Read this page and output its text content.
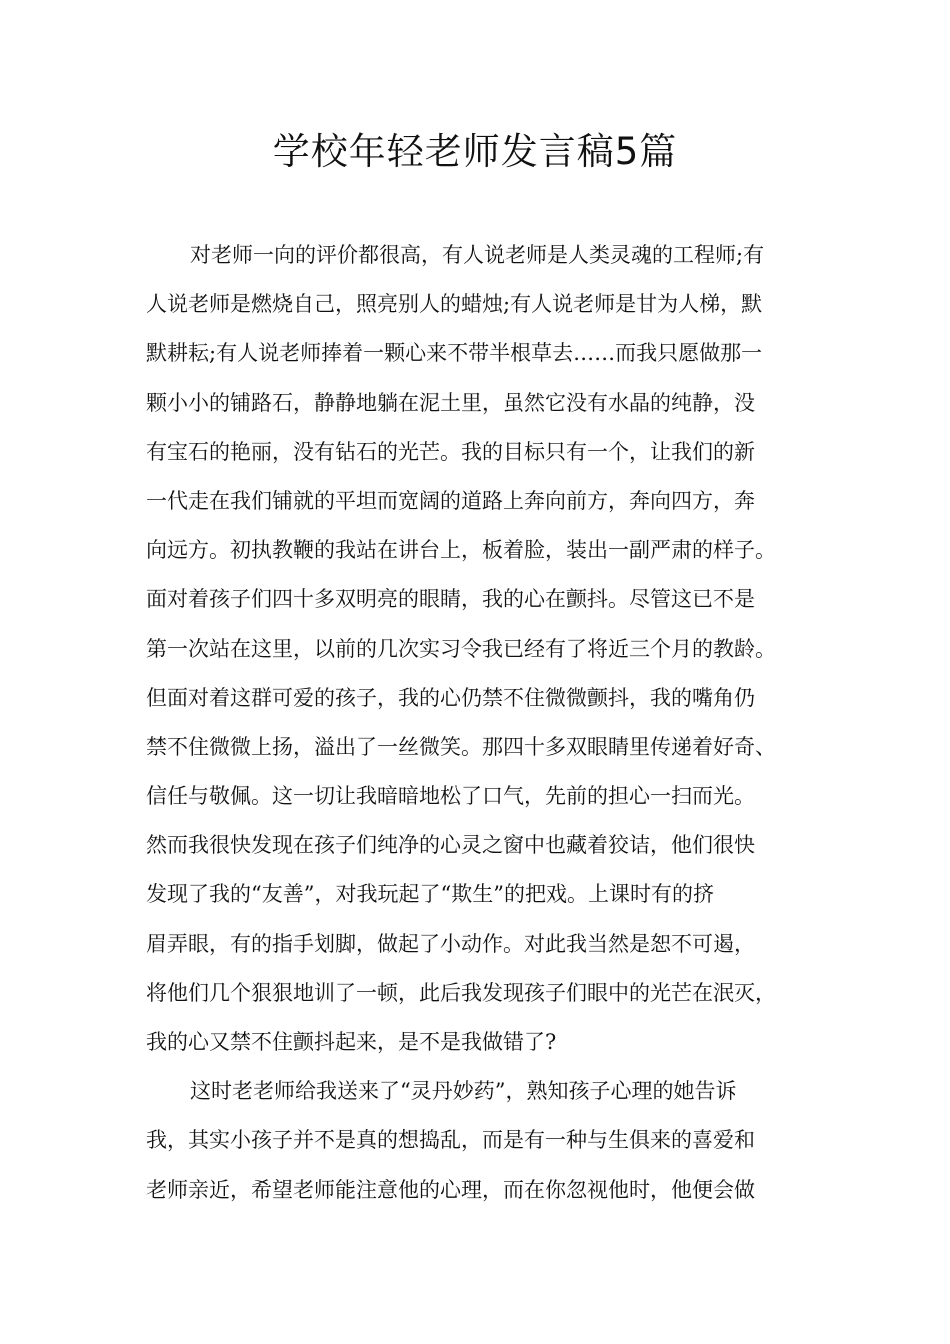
学校年轻老师发言稿5篇
对老师一向的评价都很高，有人说老师是人类灵魂的工程师;有
人说老师是燃烧自己，照亮别人的蜡烛;有人说老师是甘为人梯，默
默耕耘;有人说老师捧着一颗心来不带半根草去……而我只愿做那一
颗小小的铺路石，静静地躺在泥土里，虽然它没有水晶的纯静，没
有宝石的艳丽，没有钻石的光芒。我的目标只有一个，让我们的新
一代走在我们铺就的平坦而宽阔的道路上奔向前方，奔向四方，奔
向远方。初执教鞭的我站在讲台上，板着脸，装出一副严肃的样子。
面对着孩子们四十多双明亮的眼睛，我的心在颤抖。尽管这已不是
第一次站在这里，以前的几次实习令我已经有了将近三个月的教龄。
但面对着这群可爱的孩子，我的心仍禁不住微微颤抖，我的嘴角仍
禁不住微微上扬，溢出了一丝微笑。那四十多双眼睛里传递着好奇、
信任与敬佩。这一切让我暗暗地松了口气，先前的担心一扫而光。
然而我很快发现在孩子们纯净的心灵之窗中也藏着狡诘，他们很快
发现了我的“友善”，对我玩起了“欺生”的把戏。上课时有的挤
眉弄眼，有的指手划脚，做起了小动作。对此我当然是恕不可遏，
将他们几个狠狠地训了一顿，此后我发现孩子们眼中的光芒在泯灭，
我的心又禁不住颤抖起来，是不是我做错了?
这时老老师给我送来了“灵丹妙药”，熟知孩子心理的她告诉
我，其实小孩子并不是真的想捣乱，而是有一种与生俱来的喜爱和
老师亲近，希望老师能注意他的心理，而在你忽视他时，他便会做
